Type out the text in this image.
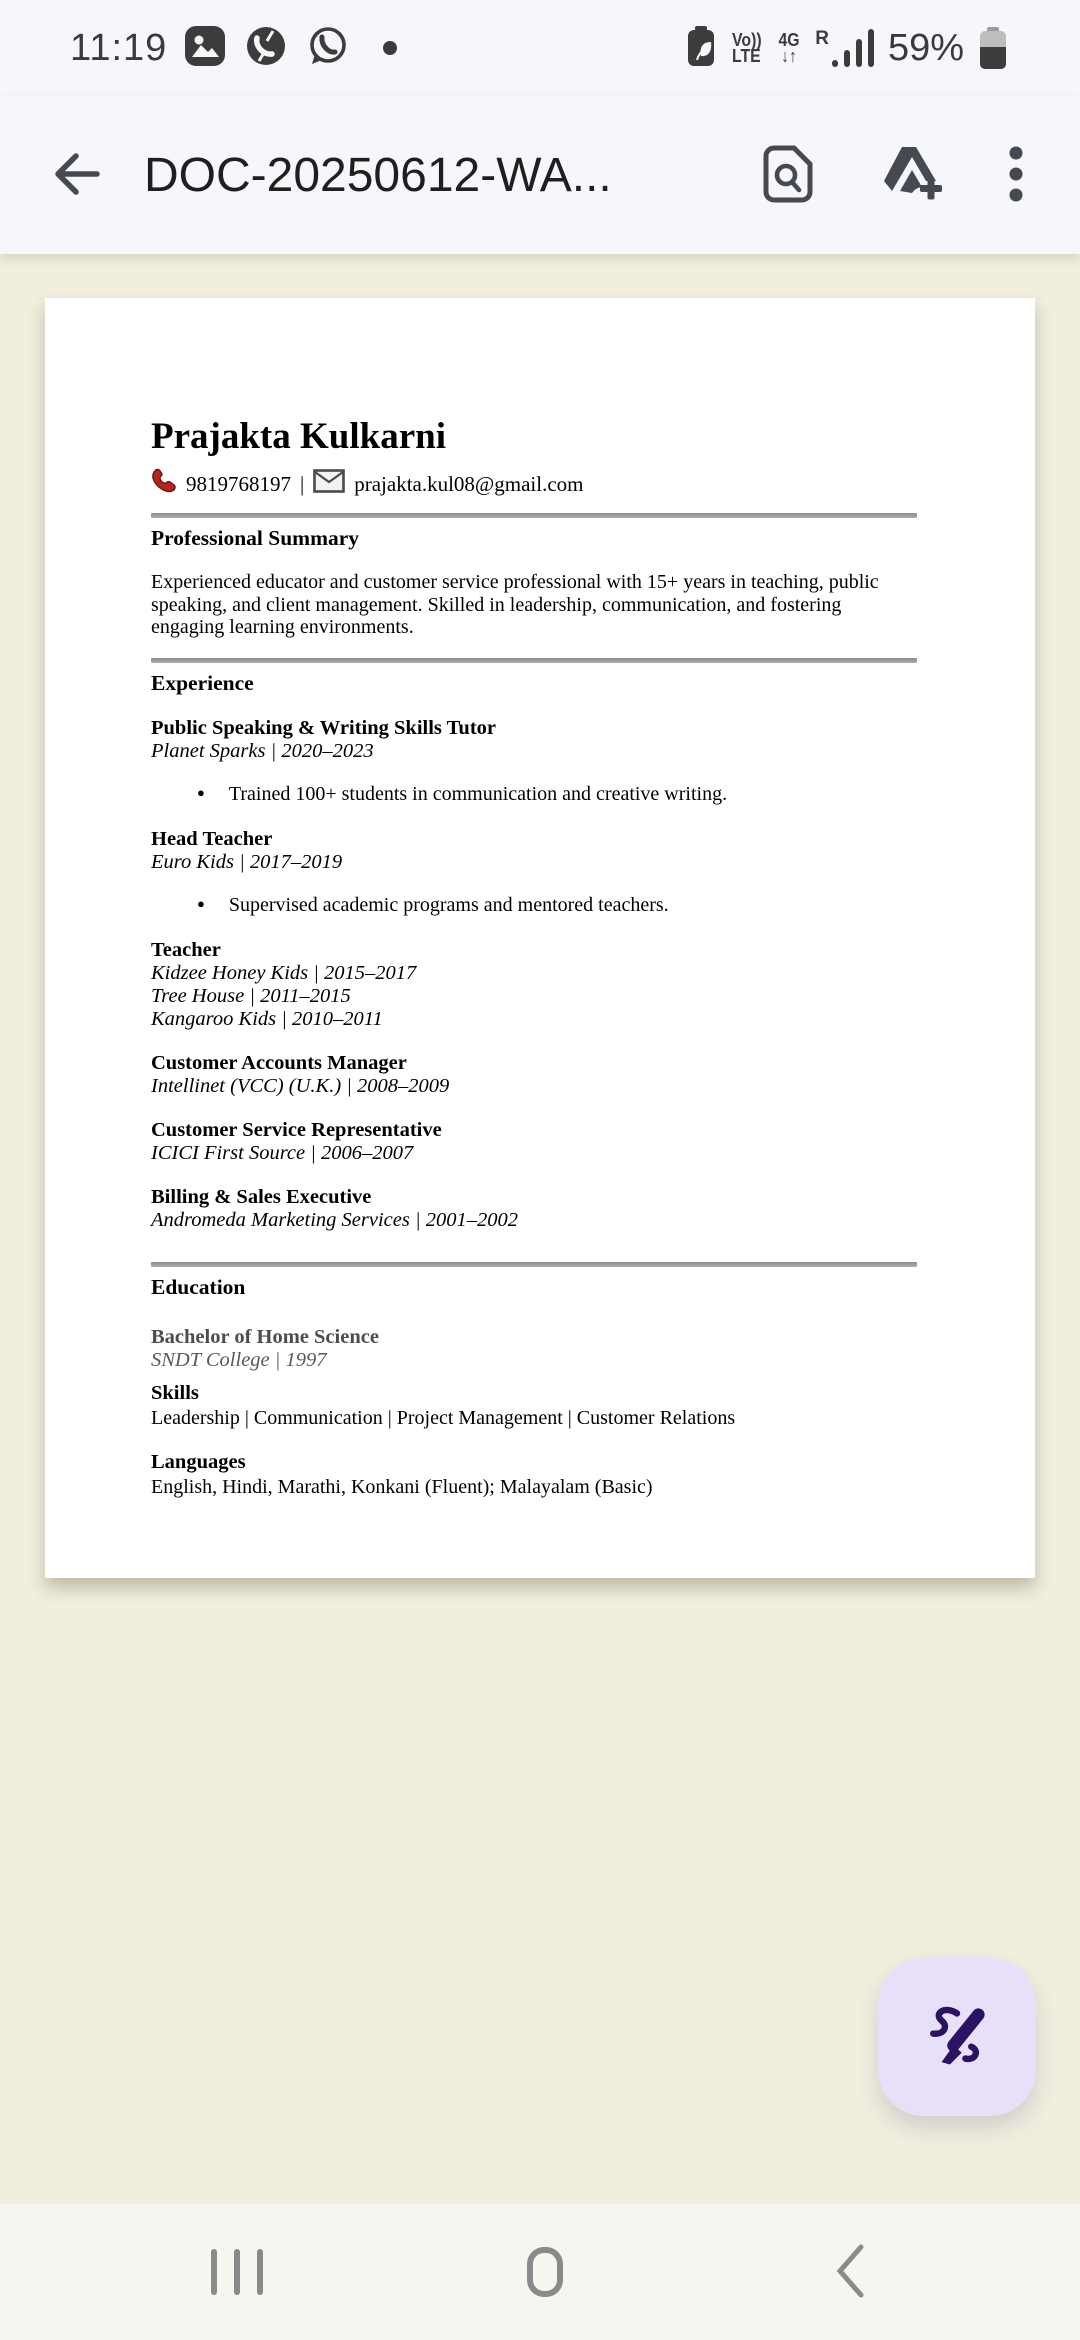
11:19	Vo))
LTE
4G
↓↑
R 59%
DOC-20250612-WA...
Prajakta Kulkarni
9819768197 | prajakta.kul08@gmail.com
Professional Summary
Experienced educator and customer service professional with 15+ years in teaching, public speaking, and client management. Skilled in leadership, communication, and fostering engaging learning environments.
Experience
Public Speaking & Writing Skills Tutor
Planet Sparks | 2020–2023
● Trained 100+ students in communication and creative writing.
Head Teacher
Euro Kids | 2017–2019
● Supervised academic programs and mentored teachers.
Teacher
Kidzee Honey Kids | 2015–2017
Tree House | 2011–2015
Kangaroo Kids | 2010–2011
Customer Accounts Manager
Intellinet (VCC) (U.K.) | 2008–2009
Customer Service Representative
ICICI First Source | 2006–2007
Billing & Sales Executive
Andromeda Marketing Services | 2001–2002
Education
Bachelor of Home Science
SNDT College | 1997
Skills
Leadership | Communication | Project Management | Customer Relations
Languages
English, Hindi, Marathi, Konkani (Fluent); Malayalam (Basic)
